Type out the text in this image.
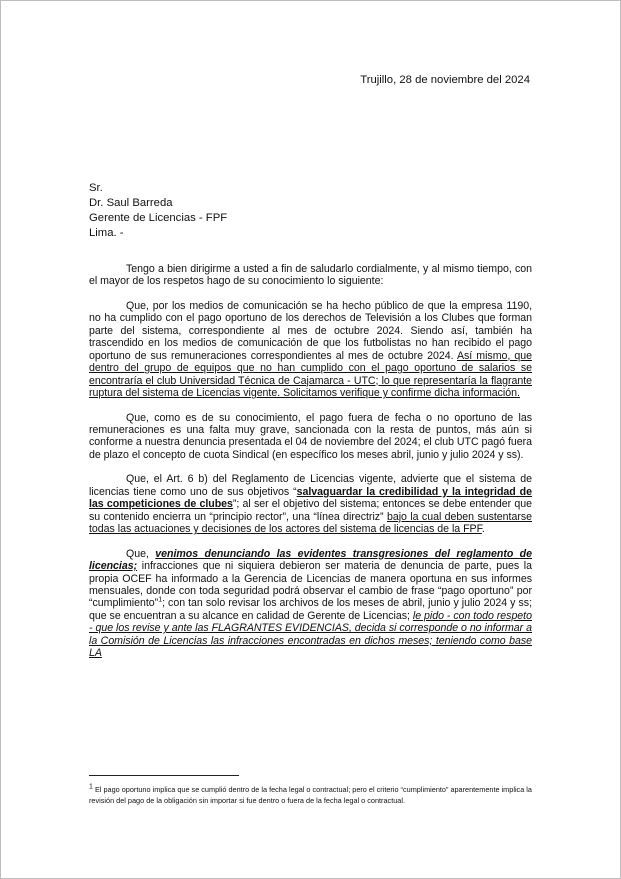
Trujillo, 28 de noviembre del 2024
Sr.
Dr. Saul Barreda
Gerente de Licencias - FPF
Lima. -

Tengo a bien dirigirme a usted a fin de saludarlo cordialmente, y al mismo tiempo, con el mayor de los respetos hago de su conocimiento lo siguiente:

Que, por los medios de comunicación se ha hecho público de que la empresa 1190, no ha cumplido con el pago oportuno de los derechos de Televisión a los Clubes que forman parte del sistema, correspondiente al mes de octubre 2024. Siendo así, también ha trascendido en los medios de comunicación de que los futbolistas no han recibido el pago oportuno de sus remuneraciones correspondientes al mes de octubre 2024. Así mismo, que dentro del grupo de equipos que no han cumplido con el pago oportuno de salarios se encontraría el club Universidad Técnica de Cajamarca - UTC; lo que representaría la flagrante ruptura del sistema de Licencias vigente. Solicitamos verifique y confirme dicha información.

Que, como es de su conocimiento, el pago fuera de fecha o no oportuno de las remuneraciones es una falta muy grave, sancionada con la resta de puntos, más aún si conforme a nuestra denuncia presentada el 04 de noviembre del 2024; el club UTC pagó fuera de plazo el concepto de cuota Sindical (en específico los meses abril, junio y julio 2024 y ss).

Que, el Art. 6 b) del Reglamento de Licencias vigente, advierte que el sistema de licencias tiene como uno de sus objetivos “salvaguardar la credibilidad y la integridad de las competiciones de clubes”; al ser el objetivo del sistema; entonces se debe entender que su contenido encierra un “principio rector”, una “línea directriz” bajo la cual deben sustentarse todas las actuaciones y decisiones de los actores del sistema de licencias de la FPF.

Que, venimos denunciando las evidentes transgresiones del reglamento de licencias; infracciones que ni siquiera debieron ser materia de denuncia de parte, pues la propia OCEF ha informado a la Gerencia de Licencias de manera oportuna en sus informes mensuales, donde con toda seguridad podrá observar el cambio de frase “pago oportuno” por “cumplimiento”$^1$; con tan solo revisar los archivos de los meses de abril, junio y julio 2024 y ss; que se encuentran a su alcance en calidad de Gerente de Licencias; le pido - con todo respeto - que los revise y ante las FLAGRANTES EVIDENCIAS, decida si corresponde o no informar a la Comisión de Licencias las infracciones encontradas en dichos meses; teniendo como base LA

$^1$ El pago oportuno implica que se cumplió dentro de la fecha legal o contractual; pero el criterio “cumplimiento” aparentemente implica la revisión del pago de la obligación sin importar si fue dentro o fuera de la fecha legal o contractual.
